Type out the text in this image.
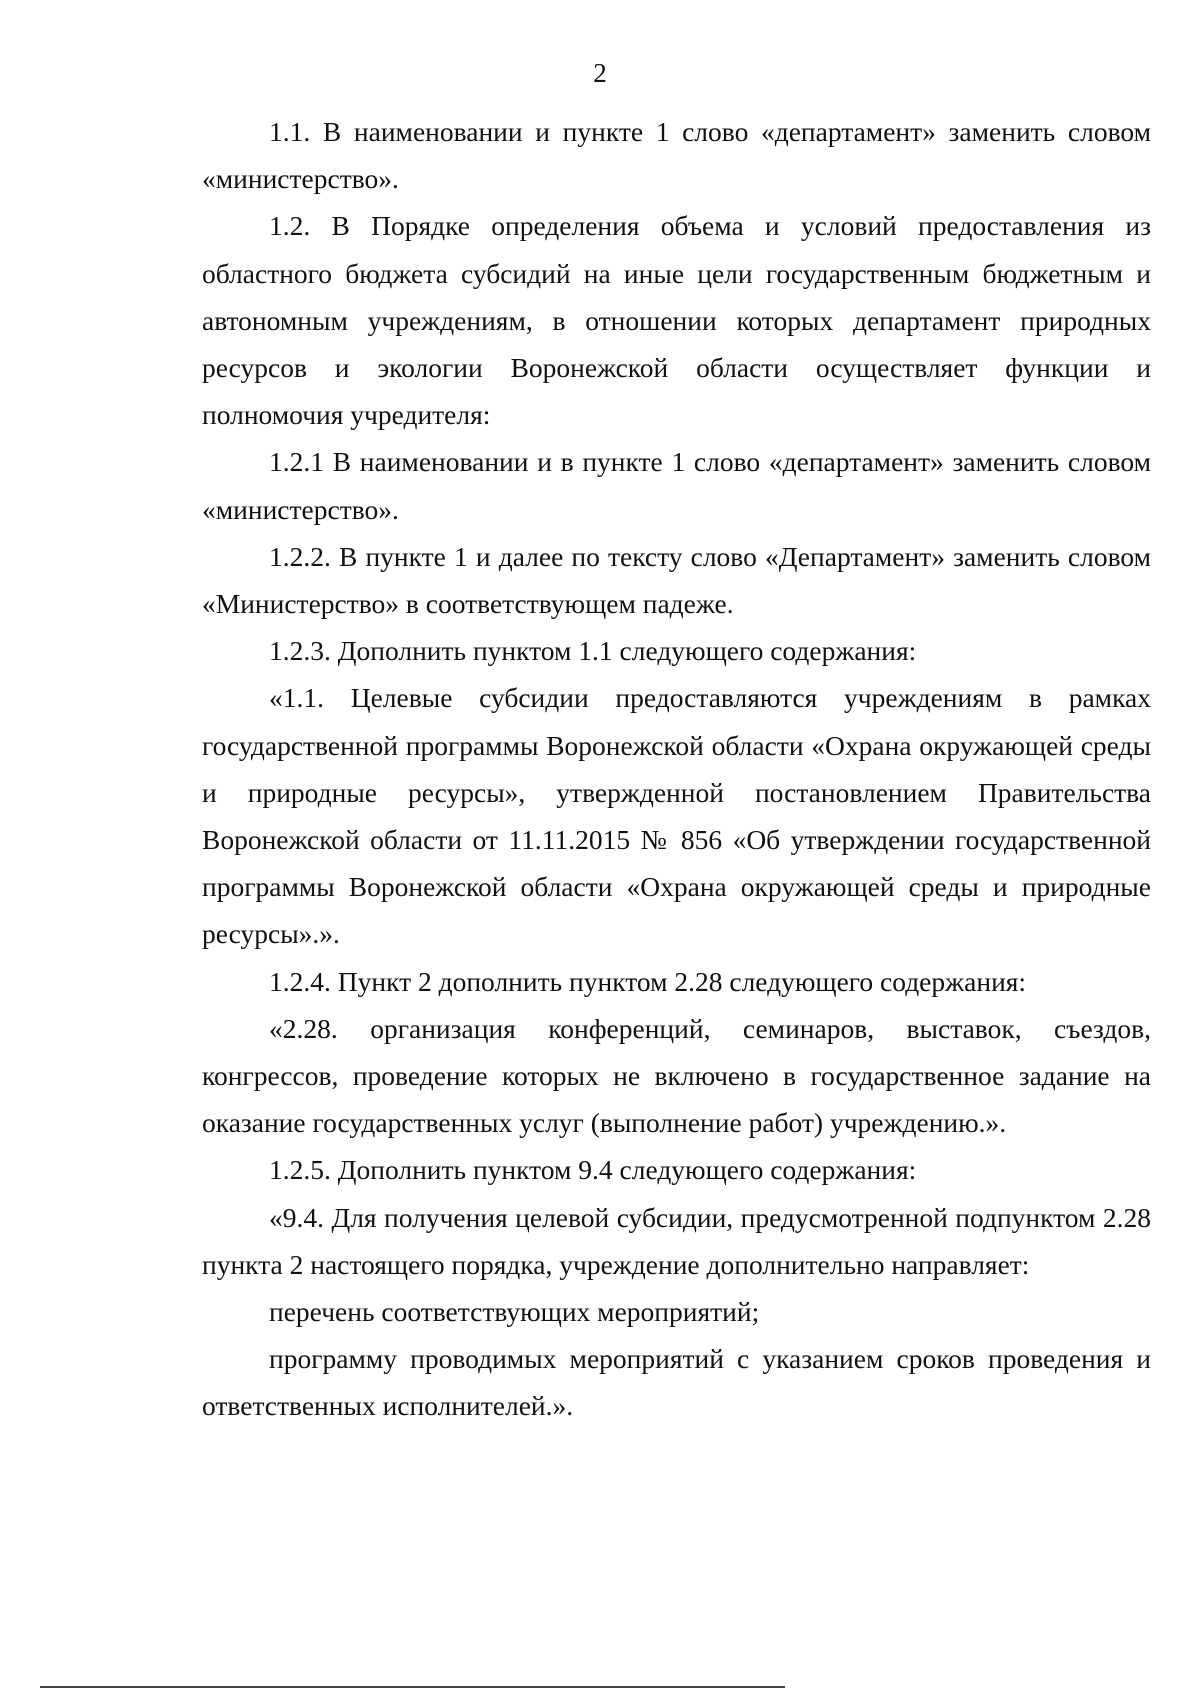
2

1.1. В наименовании и пункте 1 слово «департамент» заменить словом «министерство».

1.2. В Порядке определения объема и условий предоставления из областного бюджета субсидий на иные цели государственным бюджетным и автономным учреждениям, в отношении которых департамент природных ресурсов и экологии Воронежской области осуществляет функции и полномочия учредителя:

1.2.1 В наименовании и в пункте 1 слово «департамент» заменить словом «министерство».

1.2.2. В пункте 1 и далее по тексту слово «Департамент» заменить словом «Министерство» в соответствующем падеже.

1.2.3. Дополнить пунктом 1.1 следующего содержания:

«1.1. Целевые субсидии предоставляются учреждениям в рамках государственной программы Воронежской области «Охрана окружающей среды и природные ресурсы», утвержденной постановлением Правительства Воронежской области от 11.11.2015 № 856 «Об утверждении государственной программы Воронежской области «Охрана окружающей среды и природные ресурсы».».

1.2.4. Пункт 2 дополнить пунктом 2.28 следующего содержания:

«2.28. организация конференций, семинаров, выставок, съездов, конгрессов, проведение которых не включено в государственное задание на оказание государственных услуг (выполнение работ) учреждению.».

1.2.5. Дополнить пунктом 9.4 следующего содержания:

«9.4. Для получения целевой субсидии, предусмотренной подпунктом 2.28 пункта 2 настоящего порядка, учреждение дополнительно направляет:

перечень соответствующих мероприятий;

программу проводимых мероприятий с указанием сроков проведения и ответственных исполнителей.».
